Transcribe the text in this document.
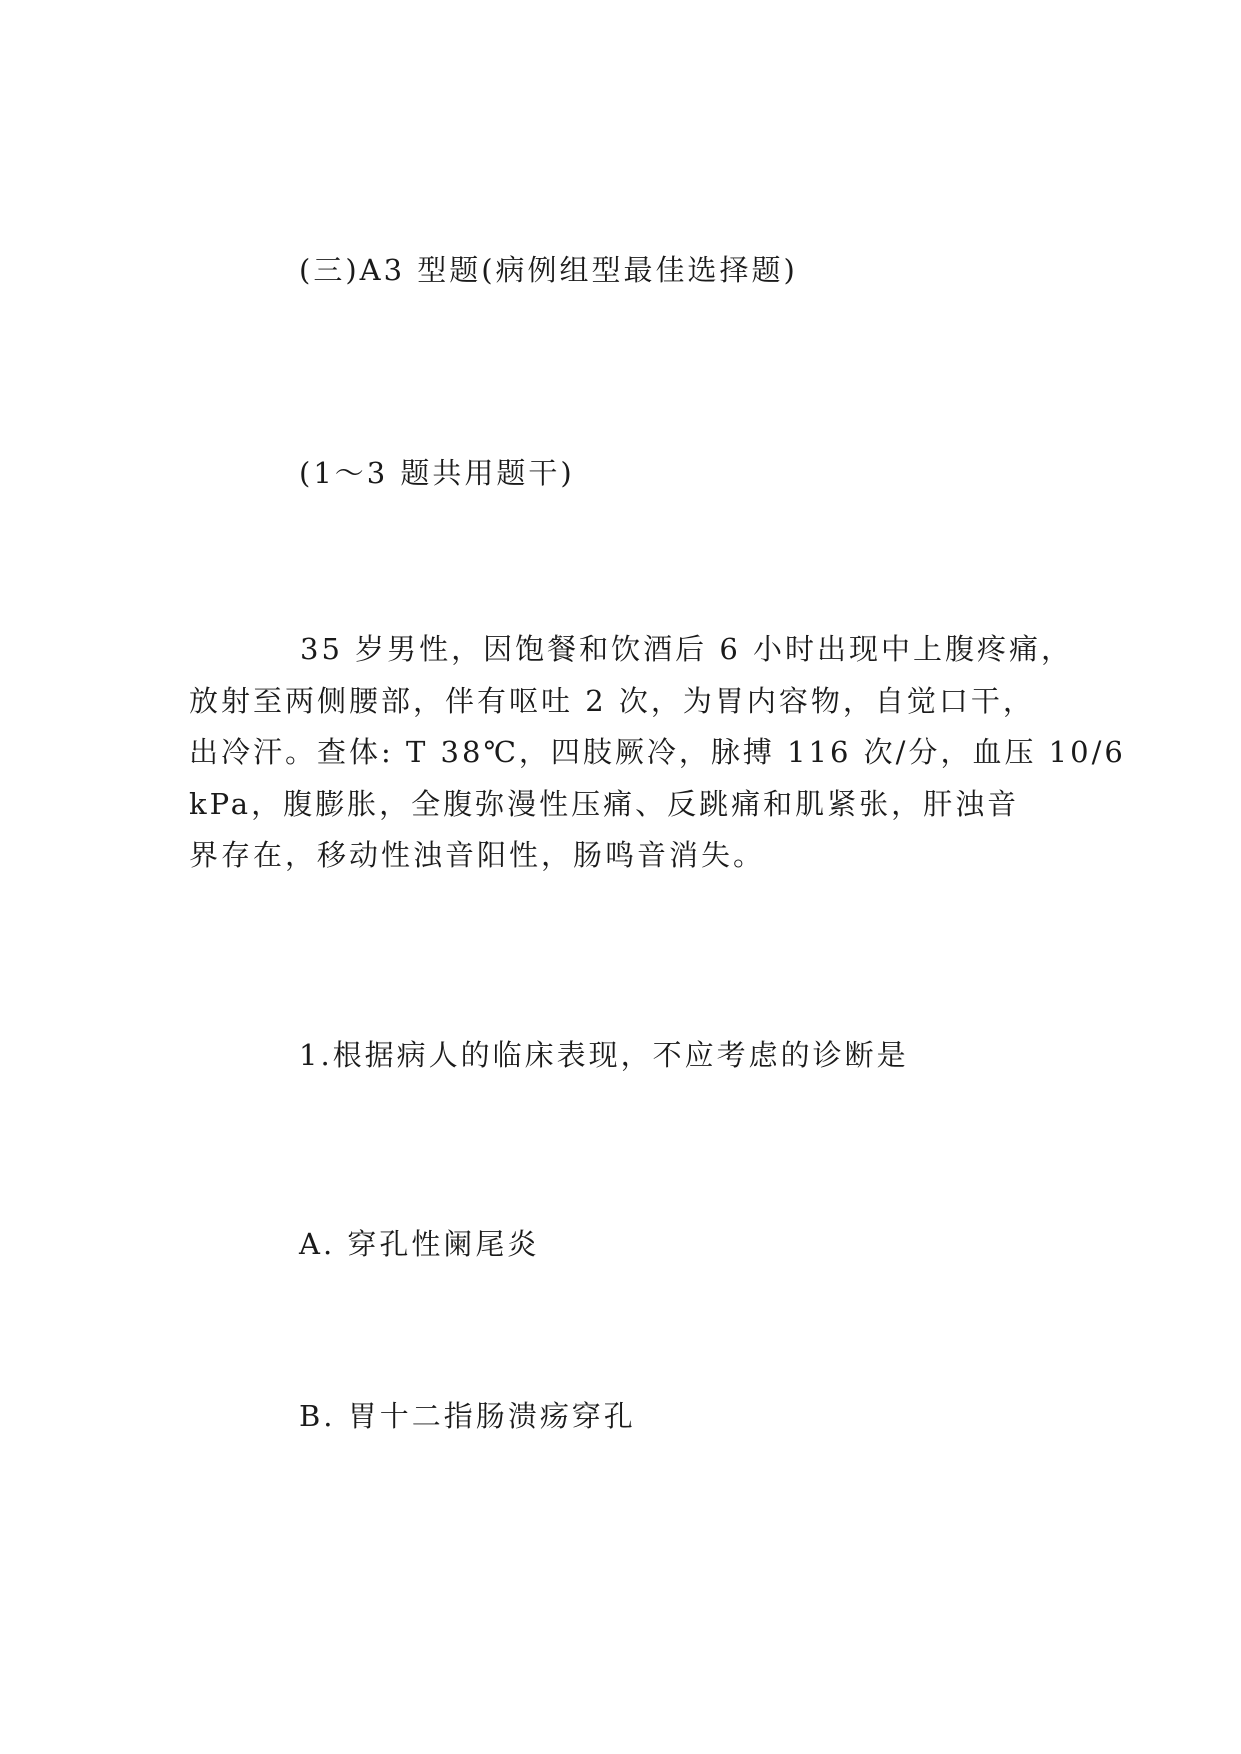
(三)A3 型题(病例组型最佳选择题)

(1～3 题共用题干)

35 岁男性，因饱餐和饮酒后 6 小时出现中上腹疼痛，
放射至两侧腰部，伴有呕吐 2 次，为胃内容物，自觉口干，
出冷汗。查体: T 38℃，四肢厥冷，脉搏 116 次/分，血压 10/6
kPa，腹膨胀，全腹弥漫性压痛、反跳痛和肌紧张，肝浊音
界存在，移动性浊音阳性，肠鸣音消失。

1.根据病人的临床表现，不应考虑的诊断是

A. 穿孔性阑尾炎

B. 胃十二指肠溃疡穿孔
